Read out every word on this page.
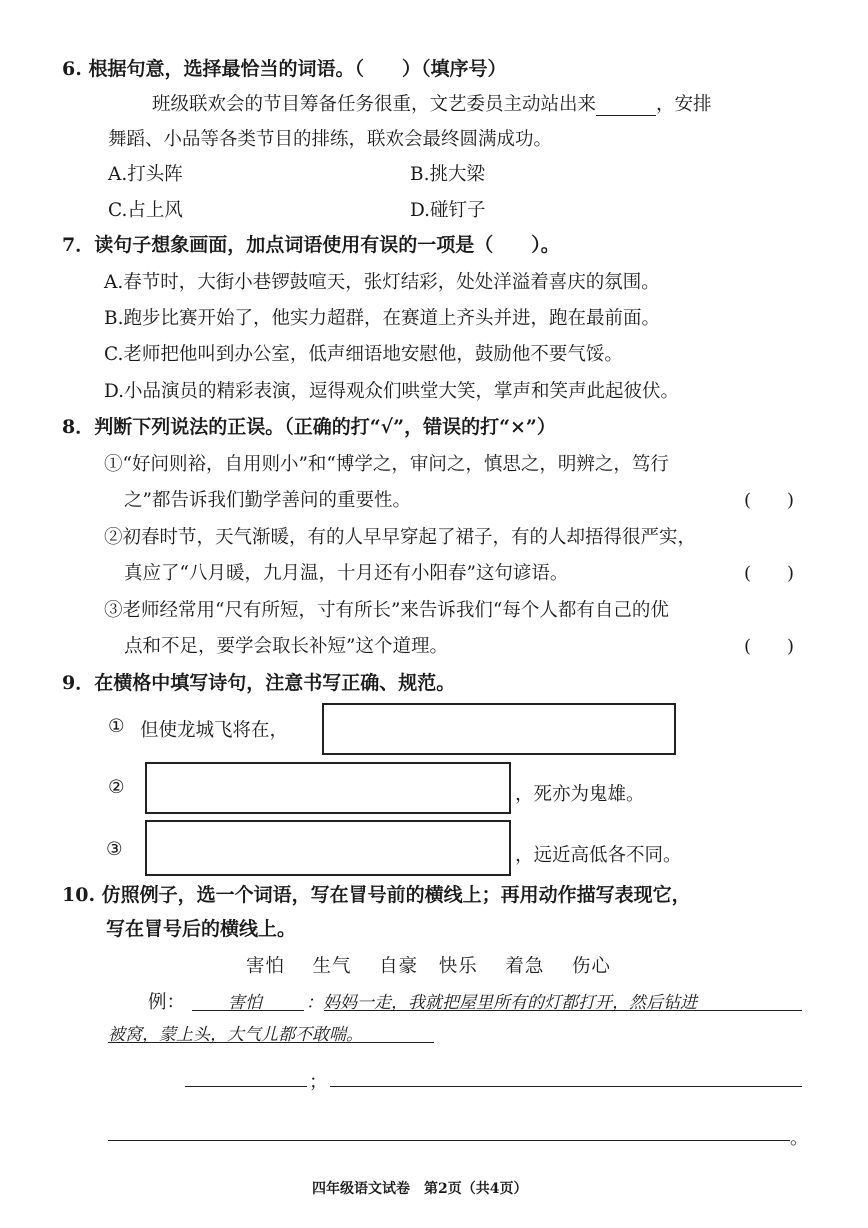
6. 根据句意，选择最恰当的词语。（　　）（填序号）
班级联欢会的节目筹备任务很重，文艺委员主动站出来	，安排
舞蹈、小品等各类节目的排练，联欢会最终圆满成功。
A.打头阵	B.挑大梁
C.占上风	D.碰钉子
7．读句子想象画面，加点词语使用有误的一项是（　　）。
A.春节时，大街小巷锣鼓喧天，张灯结彩，处处洋溢着喜庆的氛围。
B.跑步比赛开始了，他实力超群，在赛道上齐头并进，跑在最前面。
C.老师把他叫到办公室，低声细语地安慰他，鼓励他不要气馁。
D.小品演员的精彩表演，逗得观众们哄堂大笑，掌声和笑声此起彼伏。
8．判断下列说法的正误。（正确的打“√”，错误的打“×”）
①“好问则裕，自用则小”和“博学之，审问之，慎思之，明辨之，笃行
之”都告诉我们勤学善问的重要性。	(　　)
②初春时节，天气渐暖，有的人早早穿起了裙子，有的人却捂得很严实，
真应了“八月暖，九月温，十月还有小阳春”这句谚语。	(　　)
③老师经常用“尺有所短，寸有所长”来告诉我们“每个人都有自己的优
点和不足，要学会取长补短”这个道理。	(　　)
9．在横格中填写诗句，注意书写正确、规范。
① 但使龙城飞将在，
②	，死亦为鬼雄。
③	，远近高低各不同。
10. 仿照例子，选一个词语，写在冒号前的横线上；再用动作描写表现它，
写在冒号后的横线上。
害怕 生气 自豪 快乐 着急 伤心
例：	害怕	：妈妈一走，我就把屋里所有的灯都打开，然后钻进
被窝，蒙上头，大气儿都不敢喘。
；
。
四年级语文试卷　第2页（共4页）
